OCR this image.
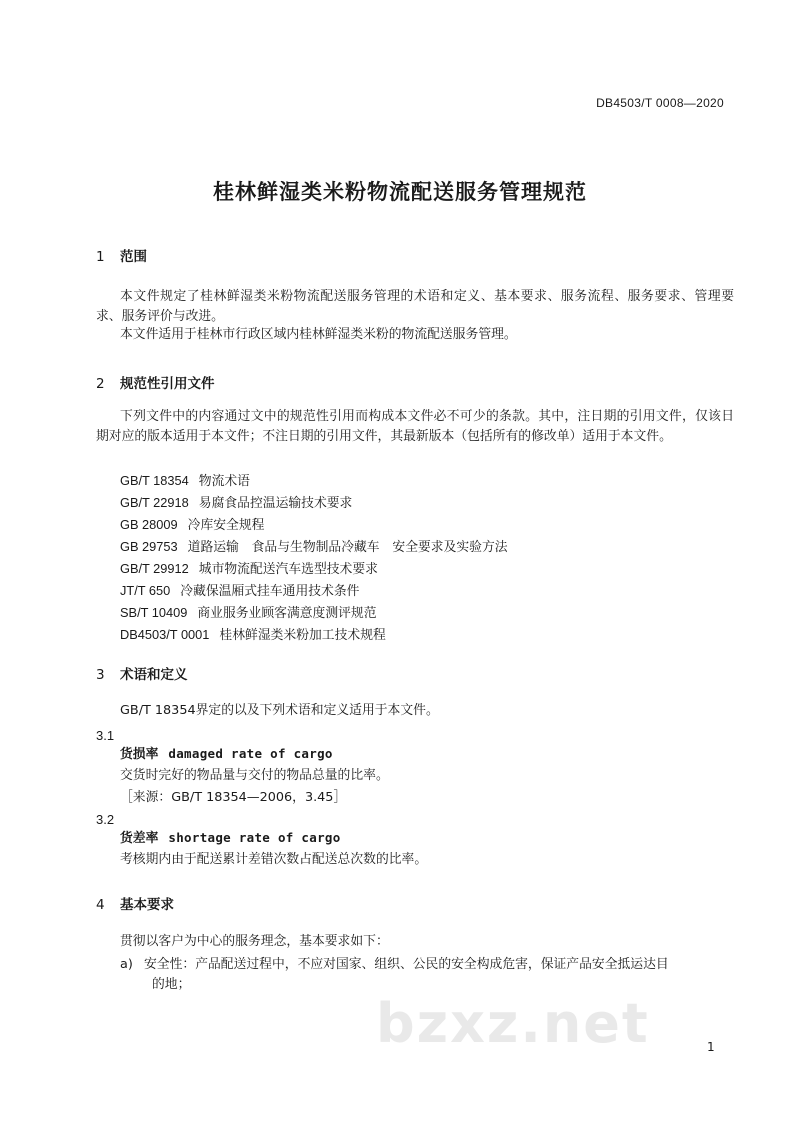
DB4503/T 0008—2020
桂林鲜湿类米粉物流配送服务管理规范
1 范围
本文件规定了桂林鲜湿类米粉物流配送服务管理的术语和定义、基本要求、服务流程、服务要求、管理要求、服务评价与改进。
本文件适用于桂林市行政区域内桂林鲜湿类米粉的物流配送服务管理。
2 规范性引用文件
下列文件中的内容通过文中的规范性引用而构成本文件必不可少的条款。其中，注日期的引用文件，仅该日期对应的版本适用于本文件；不注日期的引用文件，其最新版本（包括所有的修改单）适用于本文件。
GB/T 18354 物流术语
GB/T 22918 易腐食品控温运输技术要求
GB 28009 冷库安全规程
GB 29753 道路运输　食品与生物制品冷藏车　安全要求及实验方法
GB/T 29912 城市物流配送汽车选型技术要求
JT/T 650 冷藏保温厢式挂车通用技术条件
SB/T 10409 商业服务业顾客满意度测评规范
DB4503/T 0001 桂林鲜湿类米粉加工技术规程
3 术语和定义
GB/T 18354界定的以及下列术语和定义适用于本文件。
3.1
货损率 damaged rate of cargo
交货时完好的物品量与交付的物品总量的比率。
［来源：GB/T 18354—2006，3.45］
3.2
货差率 shortage rate of cargo
考核期内由于配送累计差错次数占配送总次数的比率。
4 基本要求
贯彻以客户为中心的服务理念，基本要求如下：
a) 安全性：产品配送过程中，不应对国家、组织、公民的安全构成危害，保证产品安全抵运达目
的地；
bzxz.net	1
